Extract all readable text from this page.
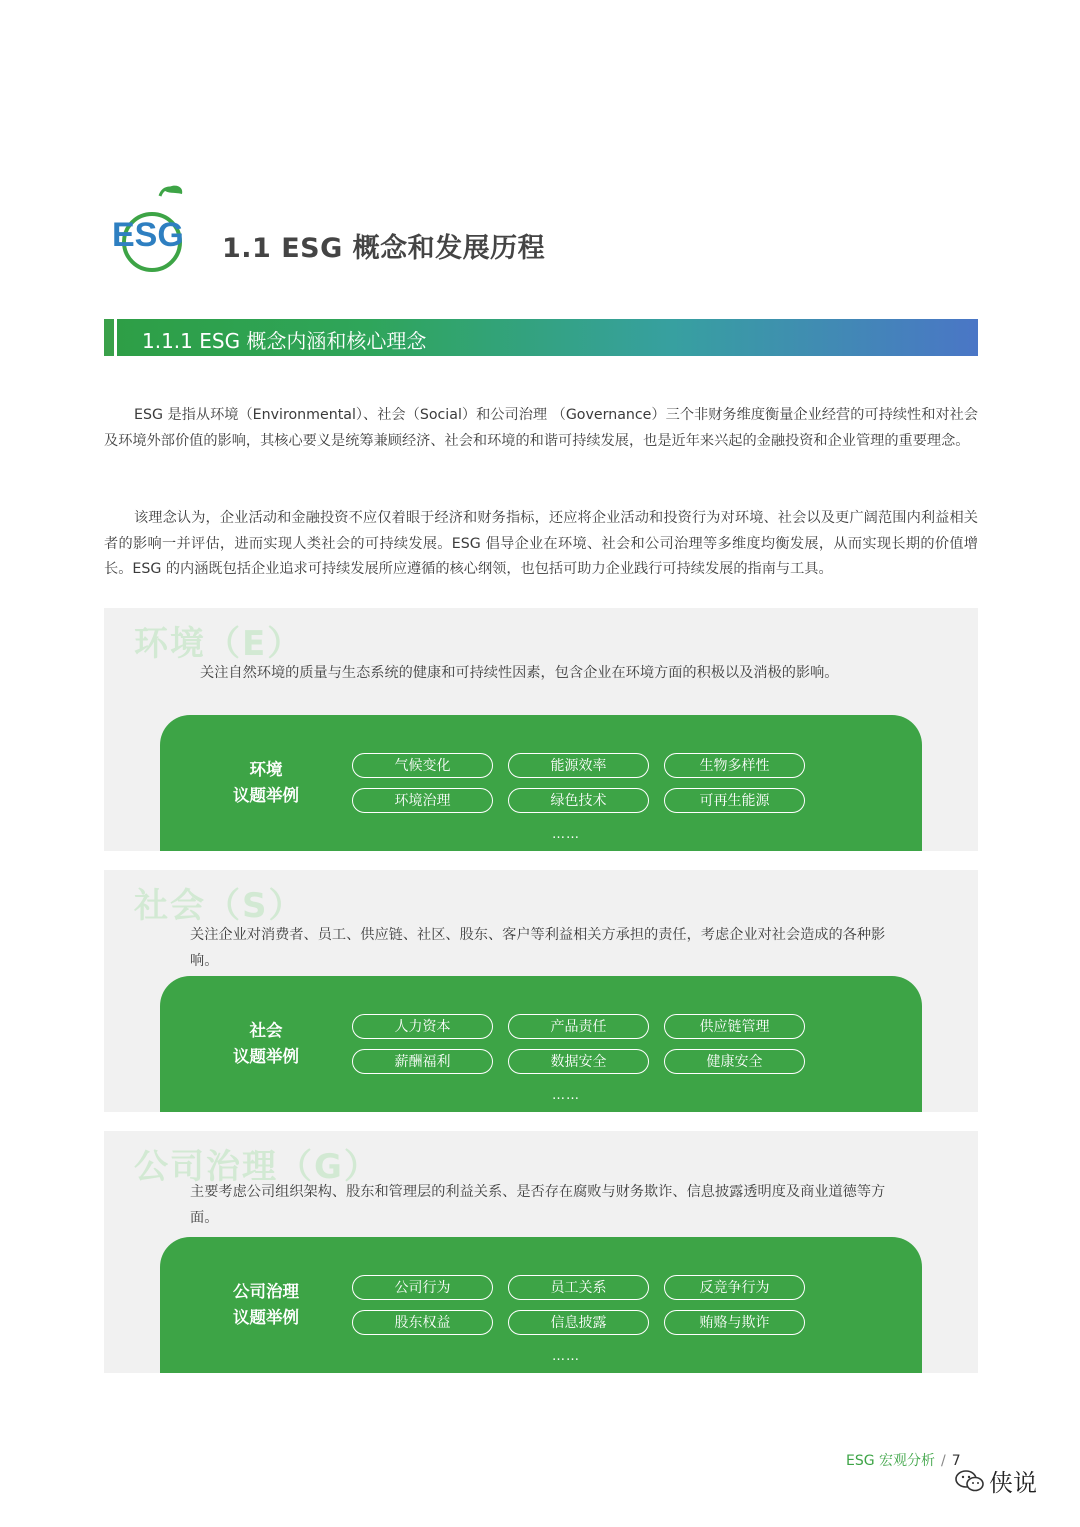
ESG 1.1 ESG 概念和发展历程
1.1.1 ESG 概念内涵和核心理念
ESG 是指从环境（Environmental）、社会（Social）和公司治理 （Governance）三个非财务维度衡量企业经营的可持续性和对社会及环境外部价值的影响，其核心要义是统筹兼顾经济、社会和环境的和谐可持续发展，也是近年来兴起的金融投资和企业管理的重要理念。
该理念认为，企业活动和金融投资不应仅着眼于经济和财务指标，还应将企业活动和投资行为对环境、社会以及更广阔范围内利益相关者的影响一并评估，进而实现人类社会的可持续发展。ESG 倡导企业在环境、社会和公司治理等多维度均衡发展，从而实现长期的价值增长。ESG 的内涵既包括企业追求可持续发展所应遵循的核心纲领，也包括可助力企业践行可持续发展的指南与工具。
环境（E）
关注自然环境的质量与生态系统的健康和可持续性因素，包含企业在环境方面的积极以及消极的影响。
环境
议题举例
气候变化	能源效率	生物多样性
环境治理	绿色技术	可再生能源
……
社会（S）
关注企业对消费者、员工、供应链、社区、股东、客户等利益相关方承担的责任，考虑企业对社会造成的各种影响。
社会
议题举例
人力资本	产品责任	供应链管理
薪酬福利	数据安全	健康安全
……
公司治理（G）
主要考虑公司组织架构、股东和管理层的利益关系、是否存在腐败与财务欺诈、信息披露透明度及商业道德等方面。
公司治理
议题举例
公司行为	员工关系	反竞争行为
股东权益	信息披露	贿赂与欺诈
……
ESG 宏观分析 / 7
侠说
